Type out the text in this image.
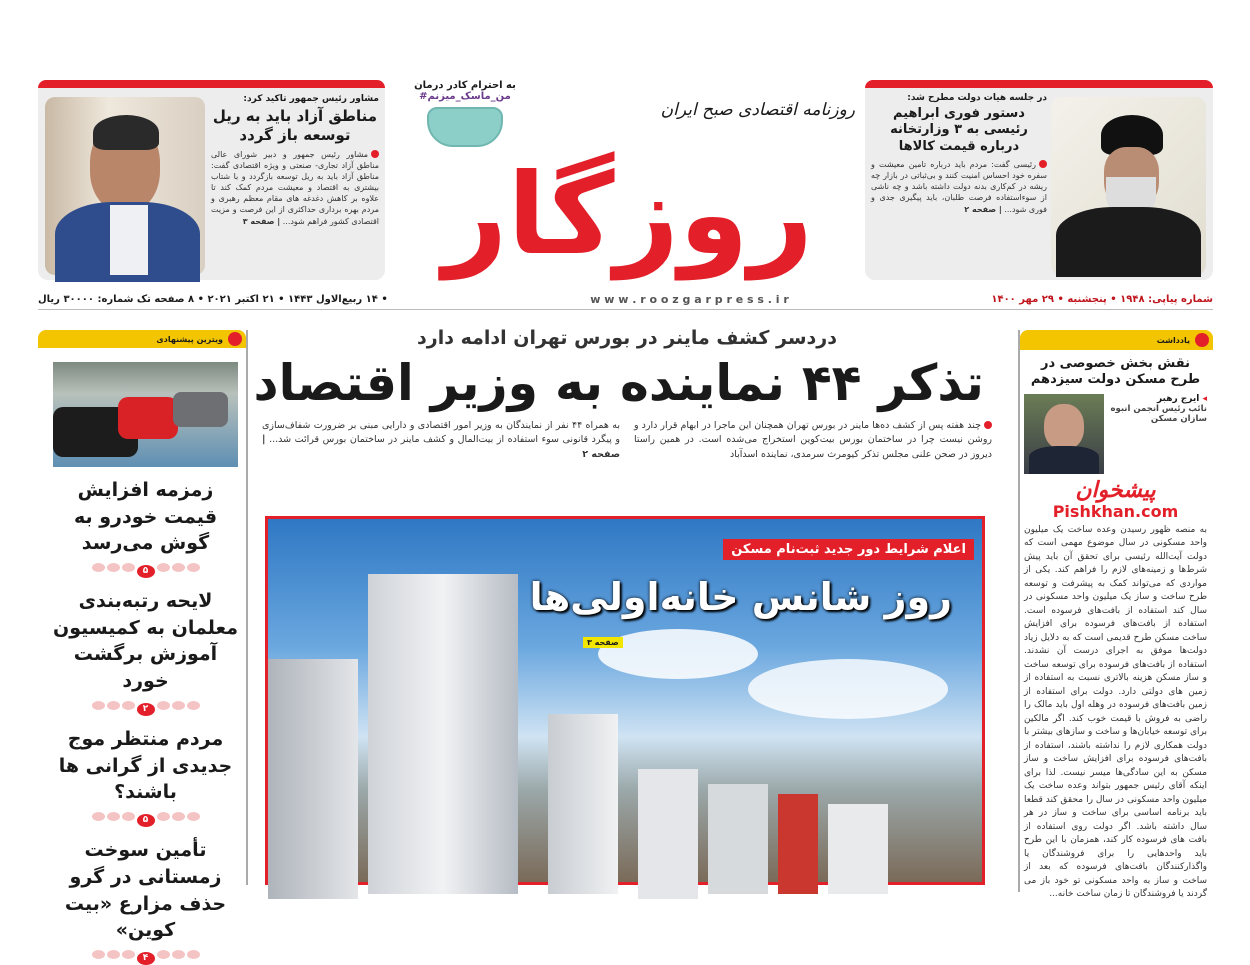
مشاور رئیس جمهور تاکید کرد:
مناطق آزاد باید به ریل توسعه باز گردد
مشاور رئیس جمهور و دبیر شورای عالی مناطق آزاد تجاری- صنعتی و ویژه اقتصادی گفت: مناطق آزاد باید به ریل توسعه بازگردد و با شتاب بیشتری به اقتصاد و معیشت مردم کمک کند تا علاوه بر کاهش دغدغه های مقام معظم رهبری و مردم بهره برداری حداکثری از این فرصت و مزیت اقتصادی کشور فراهم شود... | صفحه ۳
به احترام کادر درمان
#من_ماسک_میزنم
روزنامه اقتصادی صبح ایران
روزگار
در جلسه هیات دولت مطرح شد:
دستور فوری ابراهیم رئیسی به ۳ وزارتخانه درباره قیمت کالاها
رئیسی گفت: مردم باید درباره تامین معیشت و سفره خود احساس امنیت کنند و بی‌ثباتی در بازار چه ریشه در کم‌کاری بدنه دولت داشته باشد و چه ناشی از سوءاستفاده فرصت طلبان، باید پیگیری جدی و فوری شود... | صفحه ۲
• ۱۴ ربیع‌الاول ۱۴۴۳ • ۲۱ اکتبر ۲۰۲۱ • ۸ صفحه تک شماره: ۳۰۰۰۰ ریال	w w w . r o o z g a r p r e s s . i r	شماره پیاپی: ۱۹۴۸ • پنجشنبه • ۲۹ مهر ۱۴۰۰
ویترین پیشنهادی
زمزمه افزایش قیمت خودرو به گوش می‌رسد
۵
لایحه رتبه‌بندی معلمان به کمیسیون آموزش برگشت خورد
۲
مردم منتظر موج جدیدی از گرانی ها باشند؟
۵
تأمین سوخت زمستانی در گرو حذف مزارع «بیت کوین»
۴
دردسر کشف ماینر در بورس تهران ادامه دارد
تذکر ۴۴ نماینده به وزیر اقتصاد
چند هفته پس از کشف ده‌ها ماینر در بورس تهران همچنان این ماجرا در ابهام قرار دارد و روشن نیست چرا در ساختمان بورس بیت‌کوین استخراج می‌شده است. در همین راستا دیروز در صحن علنی مجلس تذکر کیومرث سرمدی، نماینده اسدآباد
به همراه ۴۴ نفر از نمایندگان به وزیر امور اقتصادی و دارایی مبنی بر ضرورت شفاف‌سازی و پیگرد قانونی سوء استفاده از بیت‌المال و کشف ماینر در ساختمان بورس قرائت شد... | صفحه ۲
اعلام شرایط دور جدید ثبت‌نام مسکن
روز شانس خانه‌اولی‌ها
صفحه ۳
یادداشت
نقش بخش خصوصی در طرح مسکن دولت سیزدهم
◂ ایرج رهبر
نائب رئیس انجمن انبوه سازان مسکن
پیشخوان
Pishkhan.com
به منصه ظهور رسیدن وعده ساخت یک میلیون واحد مسکونی در سال موضوع مهمی است که دولت آیت‌الله رئیسی برای تحقق آن باید پیش شرط‌ها و زمینه‌های لازم را فراهم کند. یکی از مواردی که می‌تواند کمک به پیشرفت و توسعه طرح ساخت و ساز یک میلیون واحد مسکونی در سال کند استفاده از بافت‌های فرسوده است. استفاده از بافت‌های فرسوده برای افزایش ساخت مسکن طرح قدیمی است که به دلایل زیاد دولت‌ها موفق به اجرای درست آن نشدند. استفاده از بافت‌های فرسوده برای توسعه ساخت و ساز مسکن هزینه بالاتری نسبت به استفاده از زمین های دولتی دارد. دولت برای استفاده از زمین بافت‌های فرسوده در وهله اول باید مالک را راضی به فروش با قیمت خوب کند. اگر مالکین برای توسعه خیابان‌ها و ساخت و سازهای بیشتر با دولت همکاری لازم را نداشته باشند، استفاده از بافت‌های فرسوده برای افزایش ساخت و ساز مسکن به این سادگی‌ها میسر نیست. لذا برای اینکه آقای رئیس جمهور بتواند وعده ساخت یک میلیون واحد مسکونی در سال را محقق کند قطعا باید برنامه اساسی برای ساخت و ساز در هر سال داشته باشد. اگر دولت روی استفاده از بافت های فرسوده کار کند، همزمان با این طرح باید واحدهایی را برای فروشندگان یا واگذارکنندگان بافت‌های فرسوده که بعد از ساخت و ساز به واحد مسکونی تو خود باز می گردند یا فروشندگان تا زمان ساخت خانه...
